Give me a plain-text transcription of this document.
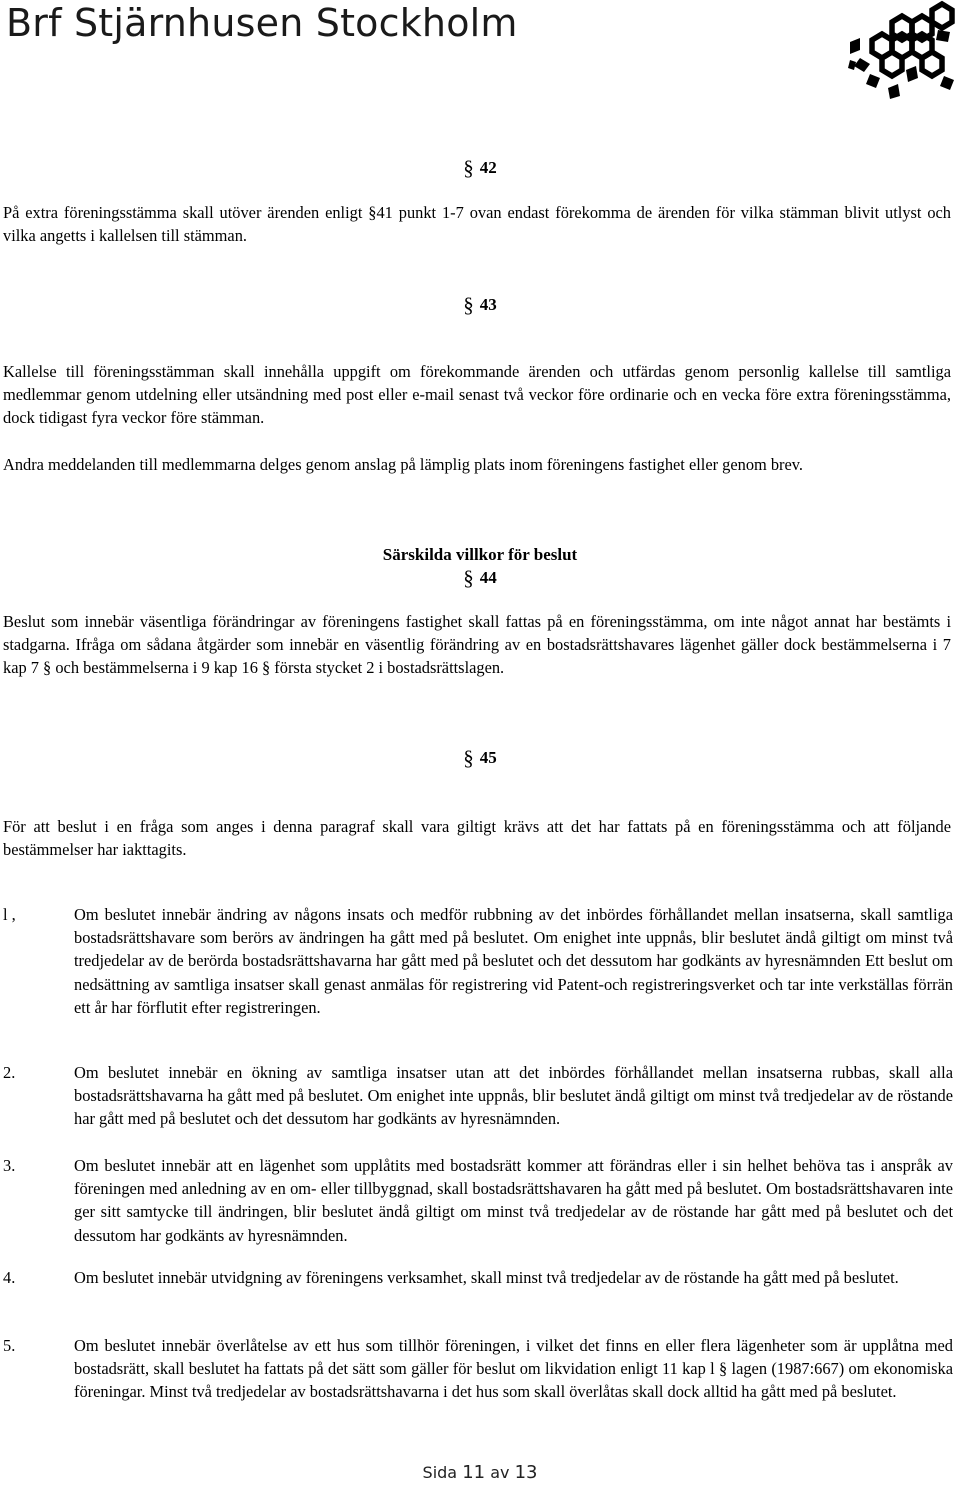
Brf Stjärnhusen Stockholm
§ 42

På extra föreningsstämma skall utöver ärenden enligt §41 punkt 1-7 ovan endast förekomma de ärenden för vilka stämman blivit utlyst och vilka angetts i kallelsen till stämman.

§ 43

Kallelse till föreningsstämman skall innehålla uppgift om förekommande ärenden och utfärdas genom personlig kallelse till samtliga medlemmar genom utdelning eller utsändning med post eller e-mail senast två veckor före ordinarie och en vecka före extra föreningsstämma, dock tidigast fyra veckor före stämman.

Andra meddelanden till medlemmarna delges genom anslag på lämplig plats inom föreningens fastighet eller genom brev.

Särskilda villkor för beslut
§ 44

Beslut som innebär väsentliga förändringar av föreningens fastighet skall fattas på en föreningsstämma, om inte något annat har bestämts i stadgarna. Ifråga om sådana åtgärder som innebär en väsentlig förändring av en bostadsrättshavares lägenhet gäller dock bestämmelserna i 7 kap 7 § och bestämmelserna i 9 kap 16 § första stycket 2 i bostadsrättslagen.

§ 45

För att beslut i en fråga som anges i denna paragraf skall vara giltigt krävs att det har fattats på en föreningsstämma och att följande bestämmelser har iakttagits.

l ,	Om beslutet innebär ändring av någons insats och medför rubbning av det inbördes förhållandet mellan insatserna, skall samtliga bostadsrättshavare som berörs av ändringen ha gått med på beslutet. Om enighet inte uppnås, blir beslutet ändå giltigt om minst två tredjedelar av de berörda bostadsrättshavarna har gått med på beslutet och det dessutom har godkänts av hyresnämnden Ett beslut om nedsättning av samtliga insatser skall genast anmälas för registrering vid Patent-och registreringsverket och tar inte verkställas förrän ett år har förflutit efter registreringen.
2.	Om beslutet innebär en ökning av samtliga insatser utan att det inbördes förhållandet mellan insatserna rubbas, skall alla bostadsrättshavarna ha gått med på beslutet. Om enighet inte uppnås, blir beslutet ändå giltigt om minst två tredjedelar av de röstande har gått med på beslutet och det dessutom har godkänts av hyresnämnden.
3.	Om beslutet innebär att en lägenhet som upplåtits med bostadsrätt kommer att förändras eller i sin helhet behöva tas i anspråk av föreningen med anledning av en om- eller tillbyggnad, skall bostadsrättshavaren ha gått med på beslutet. Om bostadsrättshavaren inte ger sitt samtycke till ändringen, blir beslutet ändå giltigt om minst två tredjedelar av de röstande har gått med på beslutet och det dessutom har godkänts av hyresnämnden.
4.	Om beslutet innebär utvidgning av föreningens verksamhet, skall minst två tredjedelar av de röstande ha gått med på beslutet.
5.	Om beslutet innebär överlåtelse av ett hus som tillhör föreningen, i vilket det finns en eller flera lägenheter som är upplåtna med bostadsrätt, skall beslutet ha fattats på det sätt som gäller för beslut om likvidation enligt 11 kap l § lagen (1987:667) om ekonomiska föreningar. Minst två tredjedelar av bostadsrättshavarna i det hus som skall överlåtas skall dock alltid ha gått med på beslutet.
Sida 11 av 13
